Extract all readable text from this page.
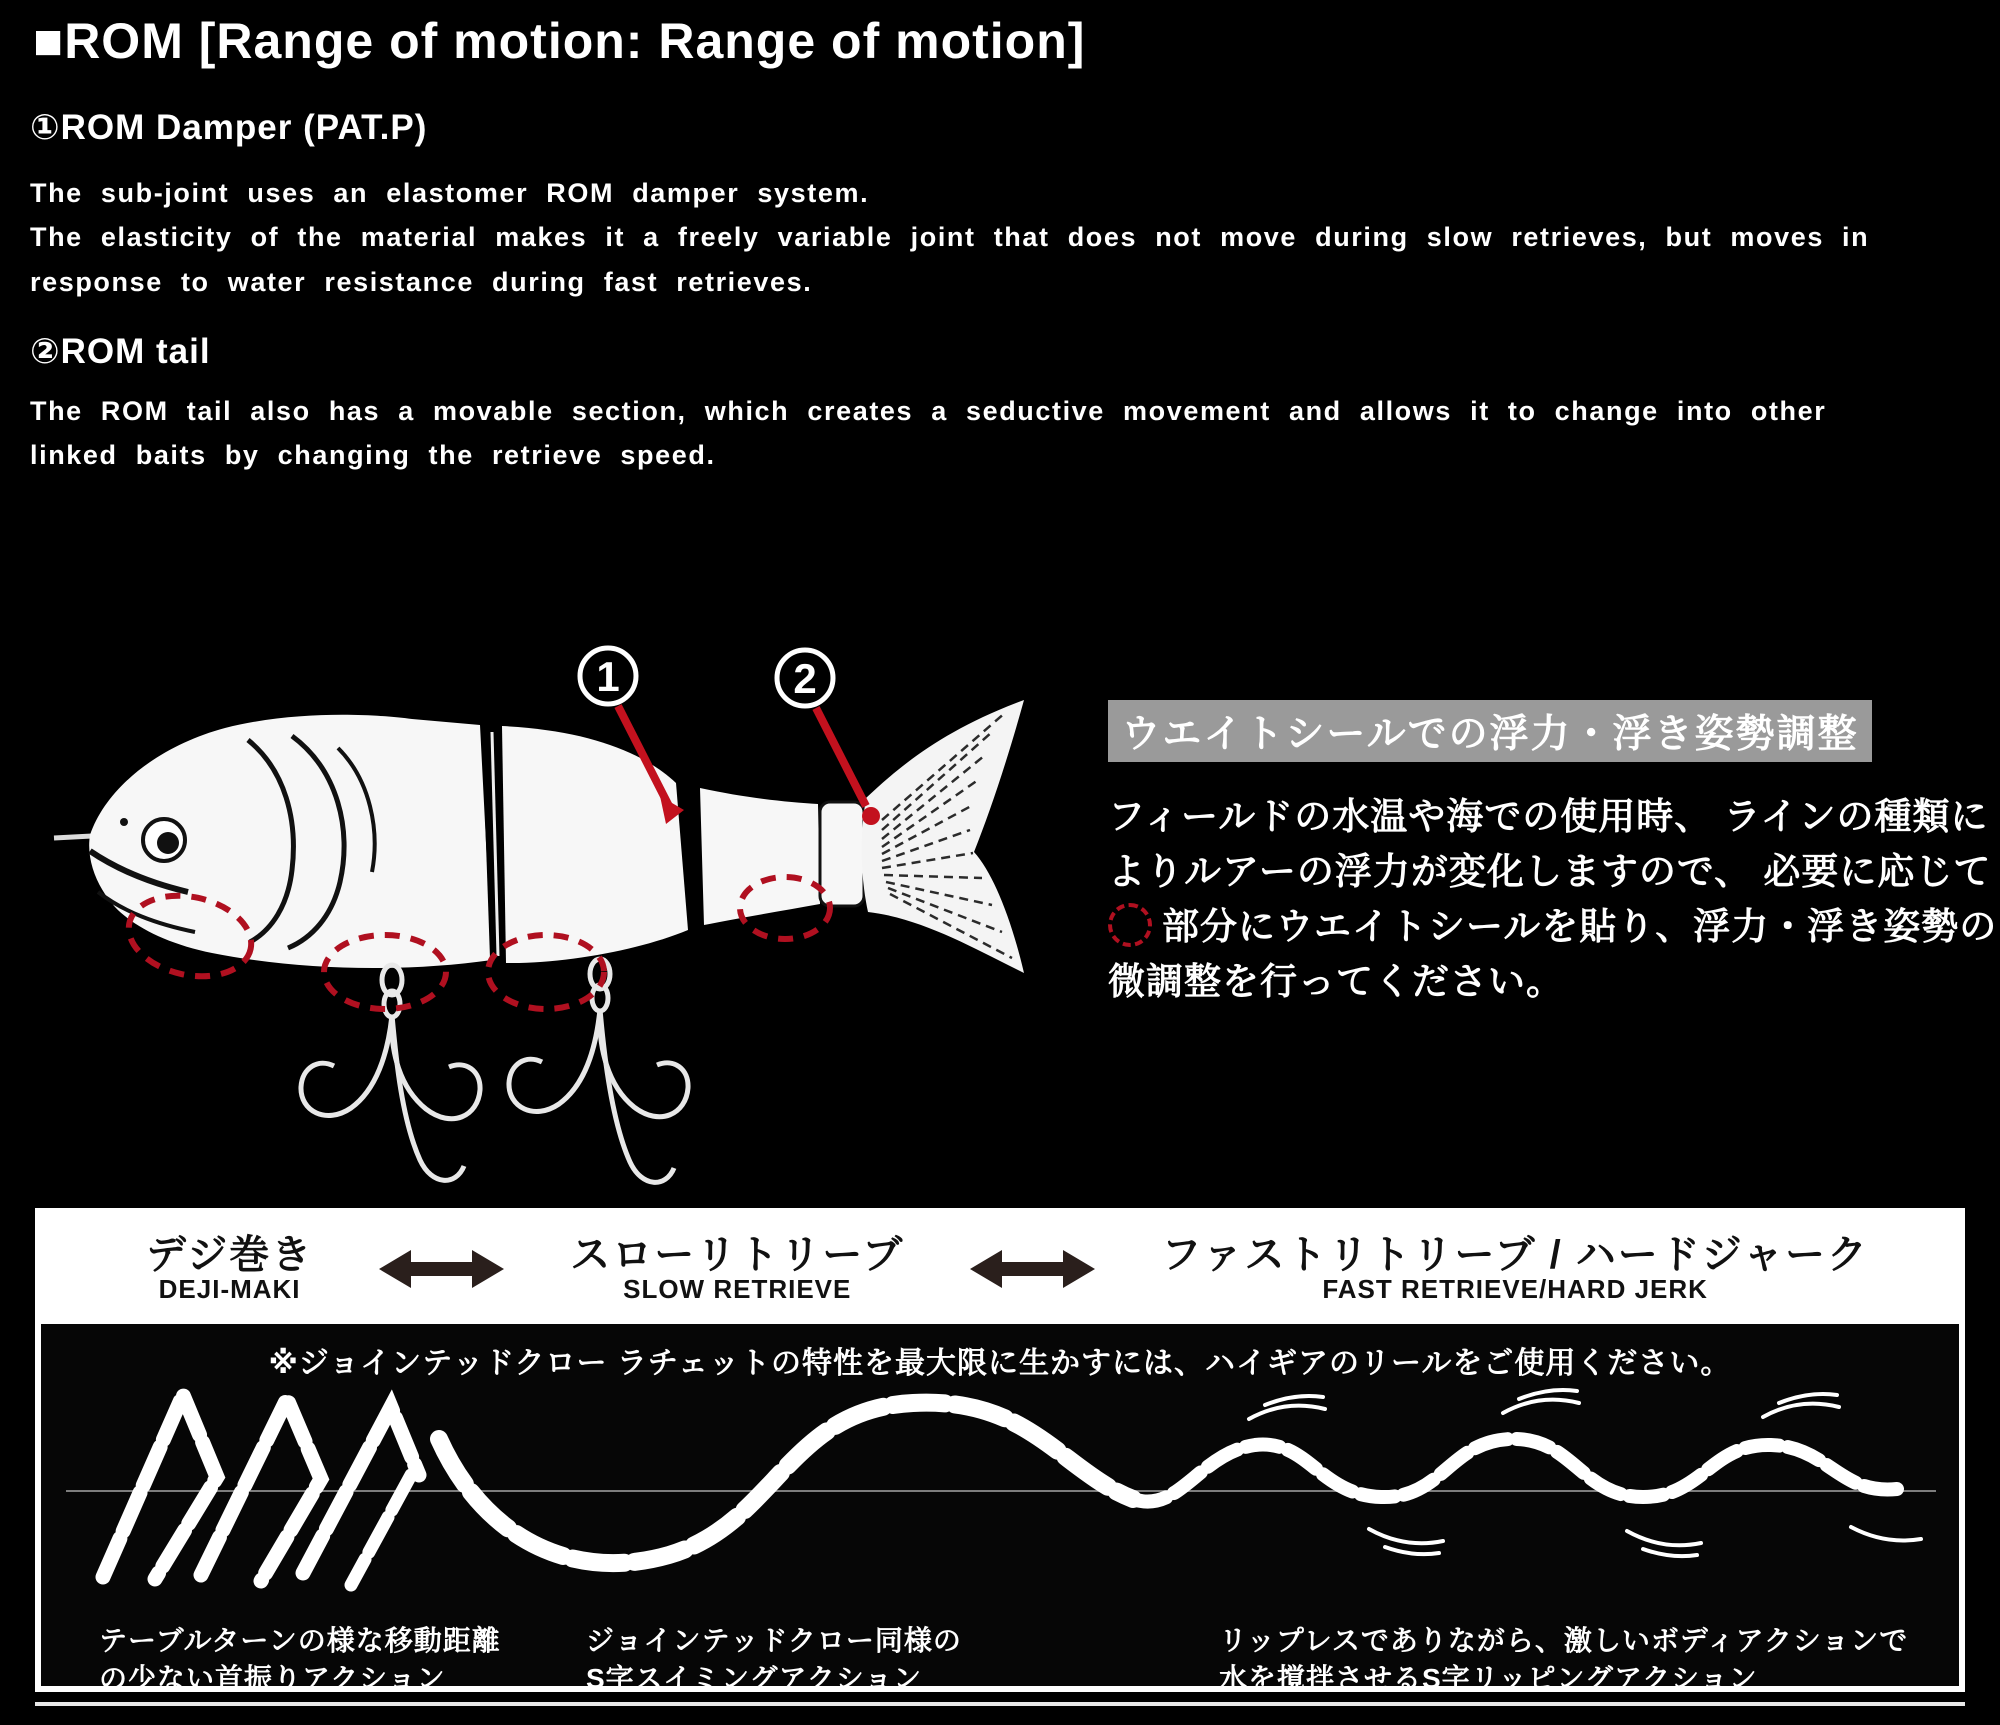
■ROM [Range of motion: Range of motion]
①ROM Damper (PAT.P)
The sub-joint uses an elastomer ROM damper system.
The elasticity of the material makes it a freely variable joint that does not move during slow retrieves, but moves in
response to water resistance during fast retrieves.
②ROM tail
The ROM tail also has a movable section, which creates a seductive movement and allows it to change into other
linked baits by changing the retrieve speed.
1	2
ウエイトシールでの浮力・浮き姿勢調整
フィールドの水温や海での使用時、 ラインの種類に
よりルアーの浮力が変化しますので、 必要に応じて
部分にウエイトシールを貼り、浮力・浮き姿勢の
微調整を行ってください。
デジ巻き
DEJI-MAKI
スローリトリーブ
SLOW RETRIEVE
ファストリトリーブ / ハードジャーク
FAST RETRIEVE/HARD JERK
※ジョインテッドクロー ラチェットの特性を最大限に生かすには、ハイギアのリールをご使用ください。
テーブルターンの様な移動距離
の少ない首振りアクション
ジョインテッドクロー同様の
S字スイミングアクション
リップレスでありながら、激しいボディアクションで
水を撹拌させるS字リッピングアクション
